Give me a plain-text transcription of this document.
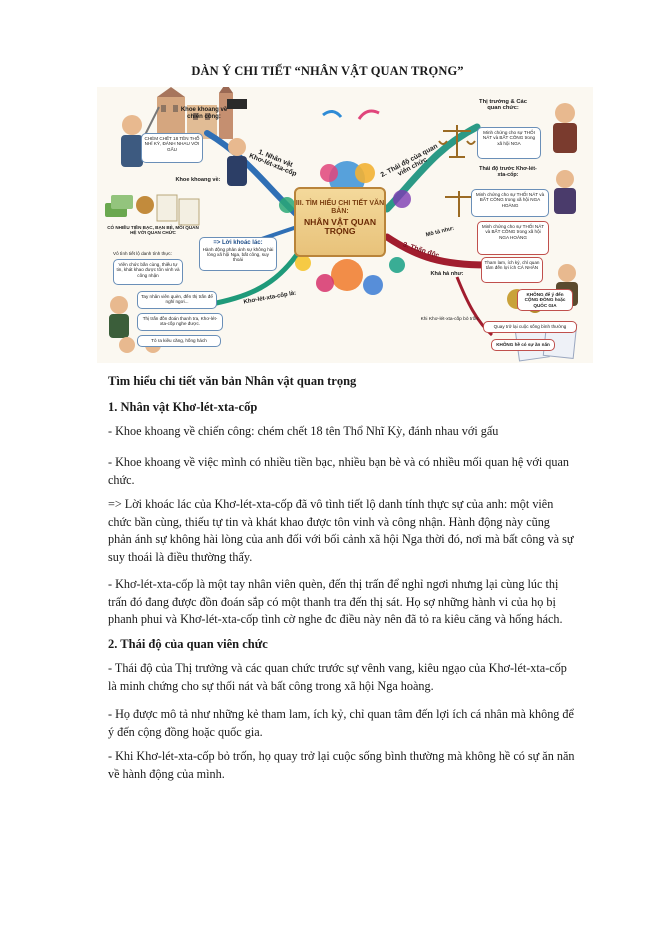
DÀN Ý CHI TIẾT “NHÂN VẬT QUAN TRỌNG”
III. TÌM HIỂU CHI TIẾT VĂN BẢN:
NHÂN VẬT QUAN TRỌNG
1. Nhân vật Khơ-lét-xta-cốp
Khoe khoang về chiến công:
CHÉM CHẾT 18 TÊN THỔ NHĨ KỲ, ĐÁNH NHAU VỚI GẤU
Khoe khoang về:
CÓ NHIỀU TIỀN BẠC, BẠN BÈ, MỐI QUAN HỆ VỚI QUAN CHỨC
Vô tình tiết lộ danh tính thực:
Viên chức bần cùng, thiếu tự tin, khát khao được tôn vinh và công nhận
=> Lời khoác lác:
Hành động phản ánh sự không hài lòng xã hội Nga, bất công, suy thoái
Khơ-lét-xta-cốp là:
Tay nhân viên quèn, đến thị trấn để nghỉ ngơi...
Thị trấn đồn đoán thanh tra, Khơ-lét-xta-cốp nghe được.
Tỏ ra kiêu căng, hống hách
2. Thái độ của quan viên chức
Thị trưởng & Các quan chức:
Minh chứng cho sự THỐI NÁT và BẤT CÔNG trong xã hội NGA
Thái độ trước Khơ-lét-xta-cốp:
Minh chứng cho sự THỐI NÁT và BẤT CÔNG trong xã hội NGA HOÀNG
3. Thấn độc
Mô tả như:	Minh chứng cho sự THỐI NÁT và BẤT CÔNG trong xã hội NGA HOÀNG
Khả hả như:
Tham lam, ích kỷ, chỉ quan tâm đến lợi ích CÁ NHÂN
KHÔNG để ý đến CỘNG ĐỒNG hoặc QUỐC GIA
Khi Khơ-lét-xta-cốp bỏ trốn:
Quay trở lại cuộc sống bình thường
KHÔNG hề có sự ăn năn
Tìm hiểu chi tiết văn bản Nhân vật quan trọng
1. Nhân vật Khơ-lét-xta-cốp
- Khoe khoang về chiến công: chém chết 18 tên Thổ Nhĩ Kỳ, đánh nhau với gấu
- Khoe khoang về việc mình có nhiều tiền bạc, nhiều bạn bè và có nhiều mối quan hệ với quan chức.
=> Lời khoác lác của Khơ-lét-xta-cốp đã vô tình tiết lộ danh tính thực sự của anh: một viên chức bần cùng, thiếu tự tin và khát khao được tôn vinh và công nhận. Hành động này cũng phản ánh sự không hài lòng của anh đối với bối cảnh xã hội Nga thời đó, nơi mà bất công và sự suy thoái là điều thường thấy.
- Khơ-lét-xta-cốp là một tay nhân viên quèn, đến thị trấn để nghỉ ngơi nhưng lại cùng lúc thị trấn đó đang được đồn đoán sắp có một thanh tra đến thị sát. Họ sợ những hành vi của họ bị phanh phui và Khơ-lét-xta-cốp tình cờ nghe đc điều này nên đã tỏ ra kiêu căng và hống hách.
2. Thái độ của quan viên chức
- Thái độ của Thị trưởng và các quan chức trước sự vênh vang, kiêu ngạo của Khơ-lét-xta-cốp là minh chứng cho sự thối nát và bất công trong xã hội Nga hoàng.
- Họ được mô tả như những kẻ tham lam, ích kỷ, chỉ quan tâm đến lợi ích cá nhân mà không để ý đến cộng đồng hoặc quốc gia.
- Khi Khơ-lét-xta-cốp bỏ trốn, họ quay trở lại cuộc sống bình thường mà không hề có sự ăn năn về hành động của mình.
